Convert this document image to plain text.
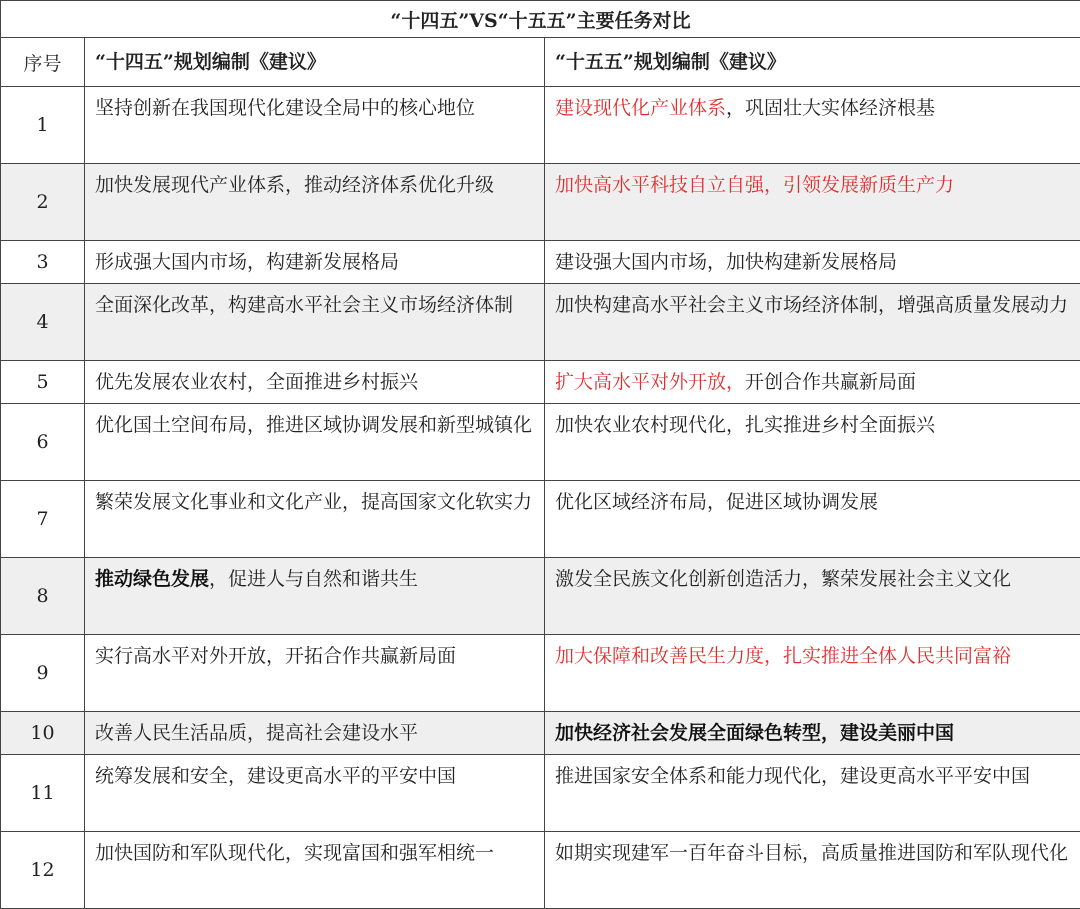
“十四五”VS“十五五”主要任务对比		
序号	“十四五”规划编制《建议》	“十五五”规划编制《建议》
1	坚持创新在我国现代化建设全局中的核心地位	建设现代化产业体系，巩固壮大实体经济根基
2	加快发展现代产业体系，推动经济体系优化升级	加快高水平科技自立自强，引领发展新质生产力
3	形成强大国内市场，构建新发展格局	建设强大国内市场，加快构建新发展格局
4	全面深化改革，构建高水平社会主义市场经济体制	加快构建高水平社会主义市场经济体制，增强高质量发展动力
5	优先发展农业农村，全面推进乡村振兴	扩大高水平对外开放，开创合作共赢新局面
6	优化国土空间布局，推进区域协调发展和新型城镇化	加快农业农村现代化，扎实推进乡村全面振兴
7	繁荣发展文化事业和文化产业，提高国家文化软实力	优化区域经济布局，促进区域协调发展
8	推动绿色发展，促进人与自然和谐共生	激发全民族文化创新创造活力，繁荣发展社会主义文化
9	实行高水平对外开放，开拓合作共赢新局面	加大保障和改善民生力度，扎实推进全体人民共同富裕
10	改善人民生活品质，提高社会建设水平	加快经济社会发展全面绿色转型，建设美丽中国
11	统筹发展和安全，建设更高水平的平安中国	推进国家安全体系和能力现代化，建设更高水平平安中国
12	加快国防和军队现代化，实现富国和强军相统一	如期实现建军一百年奋斗目标，高质量推进国防和军队现代化
